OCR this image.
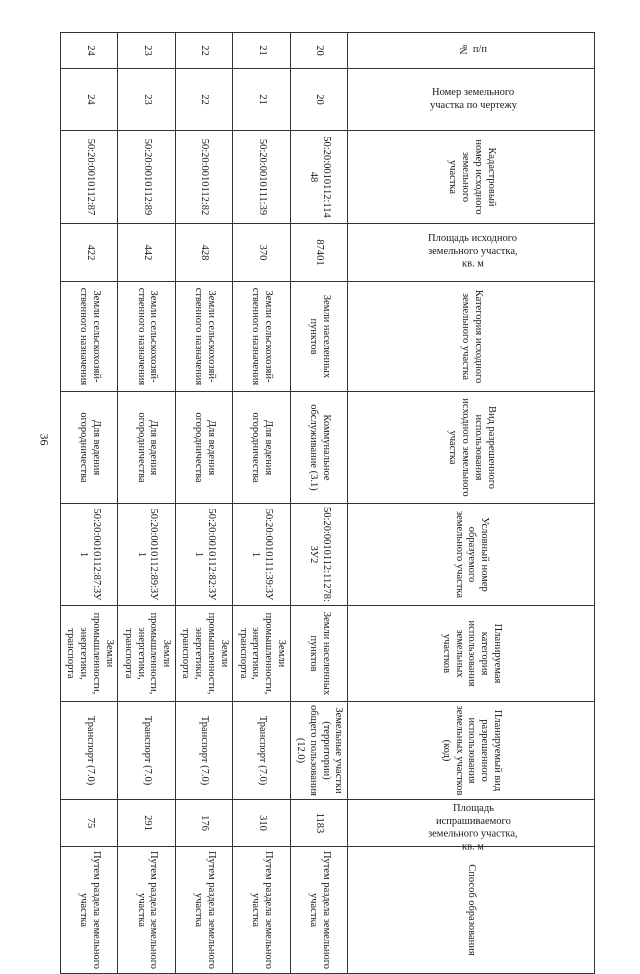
36
№ п/п	Номер земельного участка по чертежу	Кадастровый номер исходного земельного участка	Площадь исходного земельного участка, кв. м	Категория исходного земельного участка	Вид разрешенного использования исходного земельного участка	Условный номер образуемого земельного участка	Планируемая категория использования земельных участков	Планируемый вид разрешенного использования земельных участков (код)	Площадь испрашиваемого земельного участка, кв. м	Способ образования
20	20	50:20:0010112:11448	87401	Земли населенных пунктов	Коммунальное обслуживание (3.1)	50:20:0010112:11278:ЗУ2	Земли населенных пунктов	Земельные участки (территории) общего пользования (12.0)	1183	Путем раздела земельного участка
21	21	50:20:0010111:39	370	Земли сельскохозяй-ственного назначения	Для ведения огородничества	50:20:0010111:39:ЗУ1	Земли промышленности, энергетики, транспорта	Транспорт (7.0)	310	Путем раздела земельного участка
22	22	50:20:0010112:82	428	Земли сельскохозяй-ственного назначения	Для ведения огородничества	50:20:0010112:82:ЗУ1	Земли промышленности, энергетики, транспорта	Транспорт (7.0)	176	Путем раздела земельного участка
23	23	50:20:0010112:89	442	Земли сельскохозяй-ственного назначения	Для ведения огородничества	50:20:0010112:89:ЗУ1	Земли промышленности, энергетики, транспорта	Транспорт (7.0)	291	Путем раздела земельного участка
24	24	50:20:0010112:87	422	Земли сельскохозяй-ственного назначения	Для ведения огородничества	50:20:0010112:87:ЗУ1	Земли промышленности, энергетики, транспорта	Транспорт (7.0)	75	Путем раздела земельного участка
